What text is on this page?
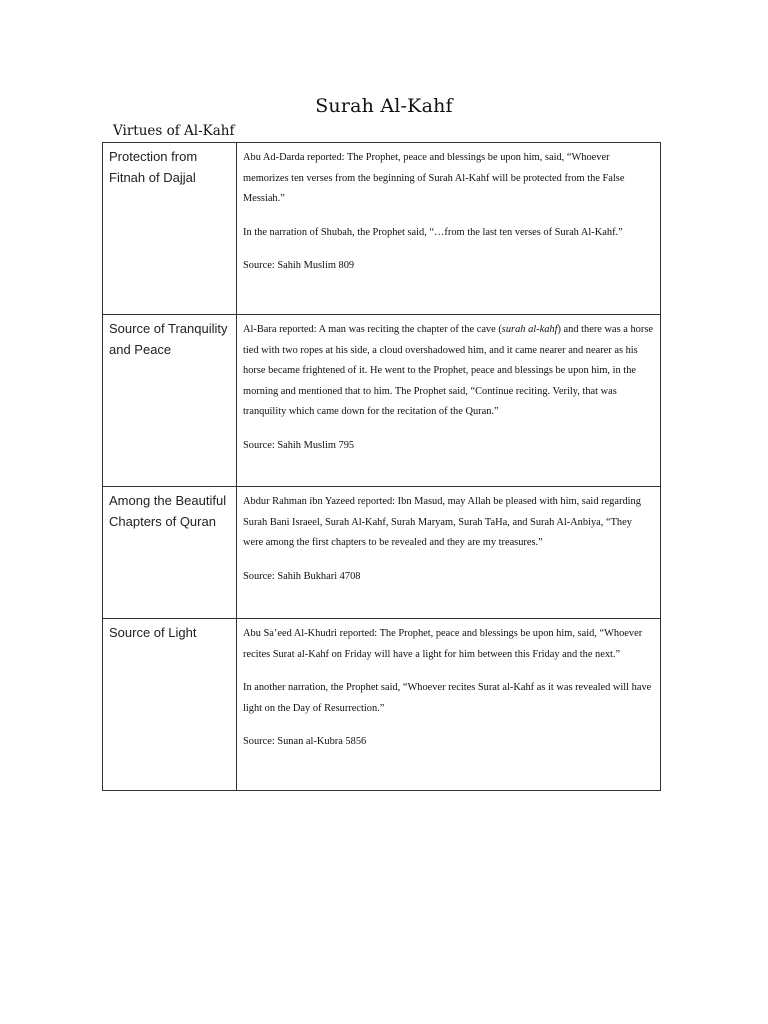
Surah Al-Kahf
Virtues of Al-Kahf
Protection from Fitnah of Dajjal	Abu Ad-Darda reported: The Prophet, peace and blessings be upon him, said, “Whoever memorizes ten verses from the beginning of Surah Al-Kahf will be protected from the False Messiah.”

In the narration of Shubah, the Prophet said, “…from the last ten verses of Surah Al-Kahf.”

Source: Sahih Muslim 809

Source of Tranquility and Peace	Al-Bara reported: A man was reciting the chapter of the cave (surah al-kahf) and there was a horse tied with two ropes at his side, a cloud overshadowed him, and it came nearer and nearer as his horse became frightened of it. He went to the Prophet, peace and blessings be upon him, in the morning and mentioned that to him. The Prophet said, “Continue reciting. Verily, that was tranquility which came down for the recitation of the Quran.”

Source: Sahih Muslim 795

Among the Beautiful Chapters of Quran	Abdur Rahman ibn Yazeed reported: Ibn Masud, may Allah be pleased with him, said regarding Surah Bani Israeel, Surah Al-Kahf, Surah Maryam, Surah TaHa, and Surah Al-Anbiya, “They were among the first chapters to be revealed and they are my treasures.”

Source: Sahih Bukhari 4708

Source of Light	Abu Sa’eed Al-Khudri reported: The Prophet, peace and blessings be upon him, said, “Whoever recites Surat al-Kahf on Friday will have a light for him between this Friday and the next.”

In another narration, the Prophet said, “Whoever recites Surat al-Kahf as it was revealed will have light on the Day of Resurrection.”

Source: Sunan al-Kubra 5856
